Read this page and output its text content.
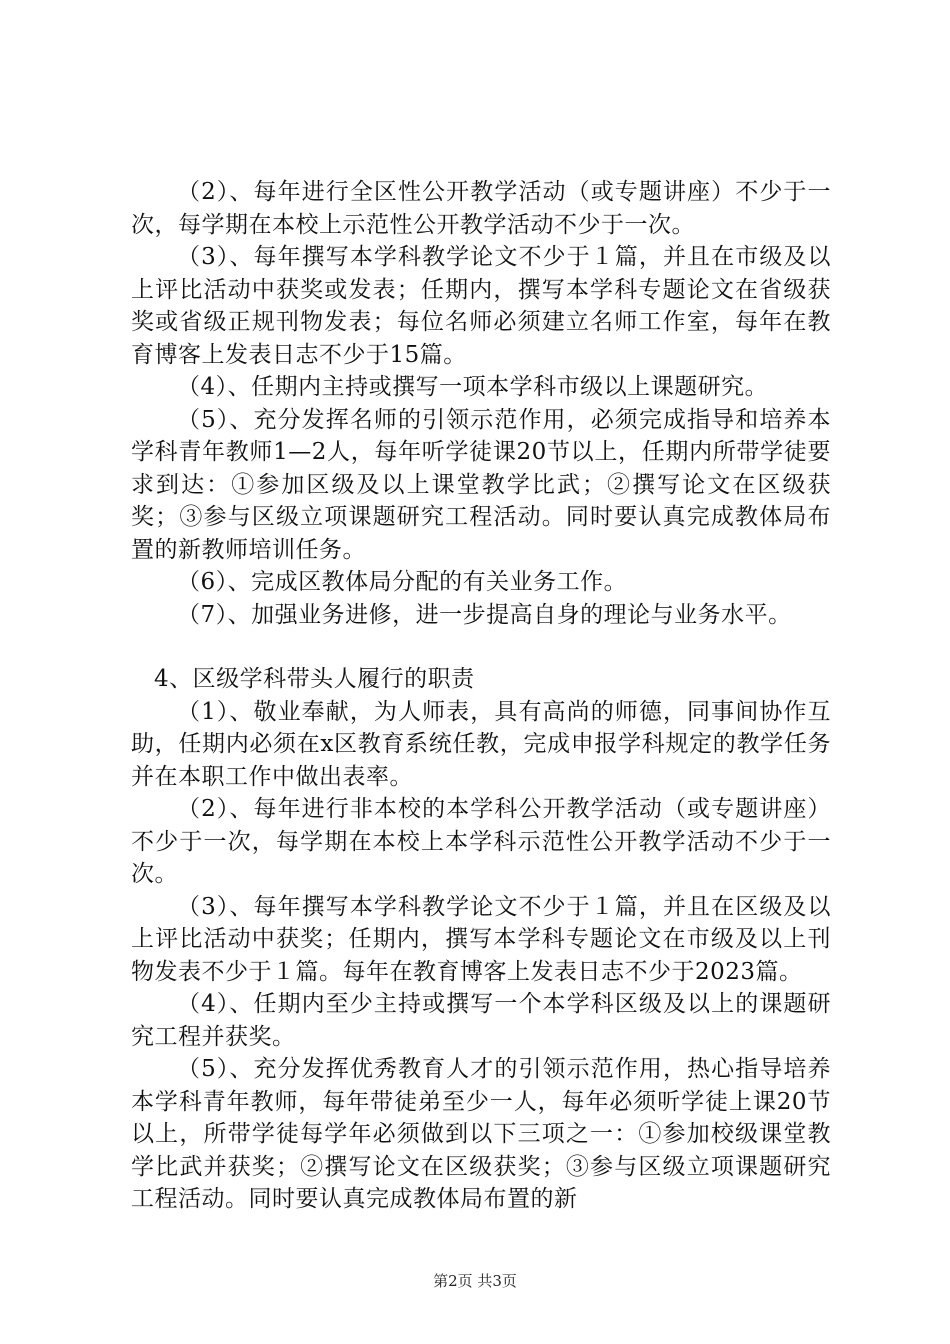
（2）、每年进行全区性公开教学活动（或专题讲座）不少于一次，每学期在本校上示范性公开教学活动不少于一次。

（3）、每年撰写本学科教学论文不少于１篇，并且在市级及以上评比活动中获奖或发表；任期内，撰写本学科专题论文在省级获奖或省级正规刊物发表；每位名师必须建立名师工作室，每年在教育博客上发表日志不少于15篇。

（4）、任期内主持或撰写一项本学科市级以上课题研究。

（5）、充分发挥名师的引领示范作用，必须完成指导和培养本学科青年教师1—2人，每年听学徒课20节以上，任期内所带学徒要求到达：①参加区级及以上课堂教学比武；②撰写论文在区级获奖；③参与区级立项课题研究工程活动。同时要认真完成教体局布置的新教师培训任务。

（6）、完成区教体局分配的有关业务工作。

（7）、加强业务进修，进一步提高自身的理论与业务水平。

4、区级学科带头人履行的职责

（1）、敬业奉献，为人师表，具有高尚的师德，同事间协作互助，任期内必须在x区教育系统任教，完成申报学科规定的教学任务并在本职工作中做出表率。

（2）、每年进行非本校的本学科公开教学活动（或专题讲座）不少于一次，每学期在本校上本学科示范性公开教学活动不少于一次。

（3）、每年撰写本学科教学论文不少于１篇，并且在区级及以上评比活动中获奖；任期内，撰写本学科专题论文在市级及以上刊物发表不少于１篇。每年在教育博客上发表日志不少于2023篇。

（4）、任期内至少主持或撰写一个本学科区级及以上的课题研究工程并获奖。

（5）、充分发挥优秀教育人才的引领示范作用，热心指导培养本学科青年教师，每年带徒弟至少一人，每年必须听学徒上课20节以上，所带学徒每学年必须做到以下三项之一：①参加校级课堂教学比武并获奖；②撰写论文在区级获奖；③参与区级立项课题研究工程活动。同时要认真完成教体局布置的新

第2页 共3页
